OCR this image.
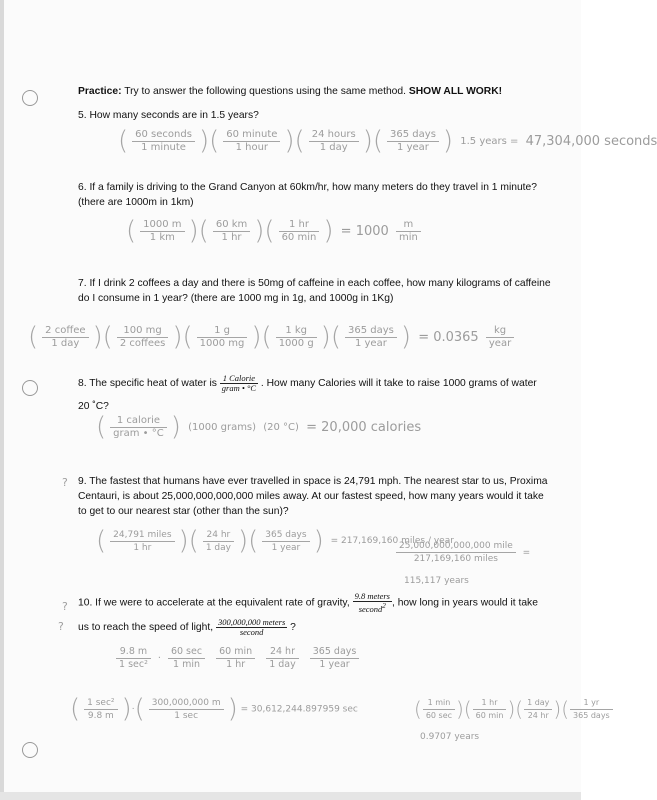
Practice: Try to answer the following questions using the same method. SHOW ALL WORK!
5. How many seconds are in 1.5 years?
( 60 seconds
1 minute )( 60 minute
1 hour )( 24 hours
1 day )( 365 days
1 year ) 1.5 years = 47,304,000 seconds
6. If a family is driving to the Grand Canyon at 60km/hr, how many meters do they travel in 1 minute?
(there are 1000m in 1km)
( $\frac{1000 m}{1 km}$ )( $\frac{60 km}{1 hr}$ )(	1 hr
60 min ) = 1000	m
min
7. If I drink 2 coffees a day and there is 50mg of caffeine in each coffee, how many kilograms of caffeine
do I consume in 1 year? (there are 1000 mg in 1g, and 1000g in 1Kg)
( 2 coffee
1 day )(	100 mg
2 coffees )( $\frac{1 g}{1000 mg}$ )( $\frac{1 kg}{1000 g}$ )( 365 days
1 year ) = 0.0365	kg
year
8. The specific heat of water is $\frac{\text{1 Calorie}}{\text{gram • °C}}$ . How many Calories will it take to raise 1000 grams of water
20 ˚C?
(	1 calorie
gram • °C ) (1000 grams) (20 °C) = 20,000 calories
? 9. The fastest that humans have ever travelled in space is 24,791 mph. The nearest star to us, Proxima
Centauri, is about 25,000,000,000,000 miles away. At our fastest speed, how many years would it take
to get to our nearest star (other than the sun)?
( 24,791 miles
1 hr	)( 24 hr
1 day )( 365 days
1 year ) = 217,169,160 miles / year
25,000,000,000,000 mile
217,169,160 miles
=
115,117 years
?
?
10. If we were to accelerate at the equivalent rate of gravity, $\frac{\text{9.8 meters}}{second^2}$ , how long in years would it take
us to reach the speed of light, $\frac{\text{300,000,000 meters}}{\text{second}}$ ?
9.8 m
1 sec²
·
60 sec
1 min

60 min
1 hr

24 hr
1 day

365 days
1 year
( 1 sec²
9.8 m )·( 300,000,000 m
1 sec	) = 30,612,244.897959 sec	( 1 min
60 sec )(	1 hr
60 min )( 1 day
24 hr )(	1 yr
365 days
0.9707 years
